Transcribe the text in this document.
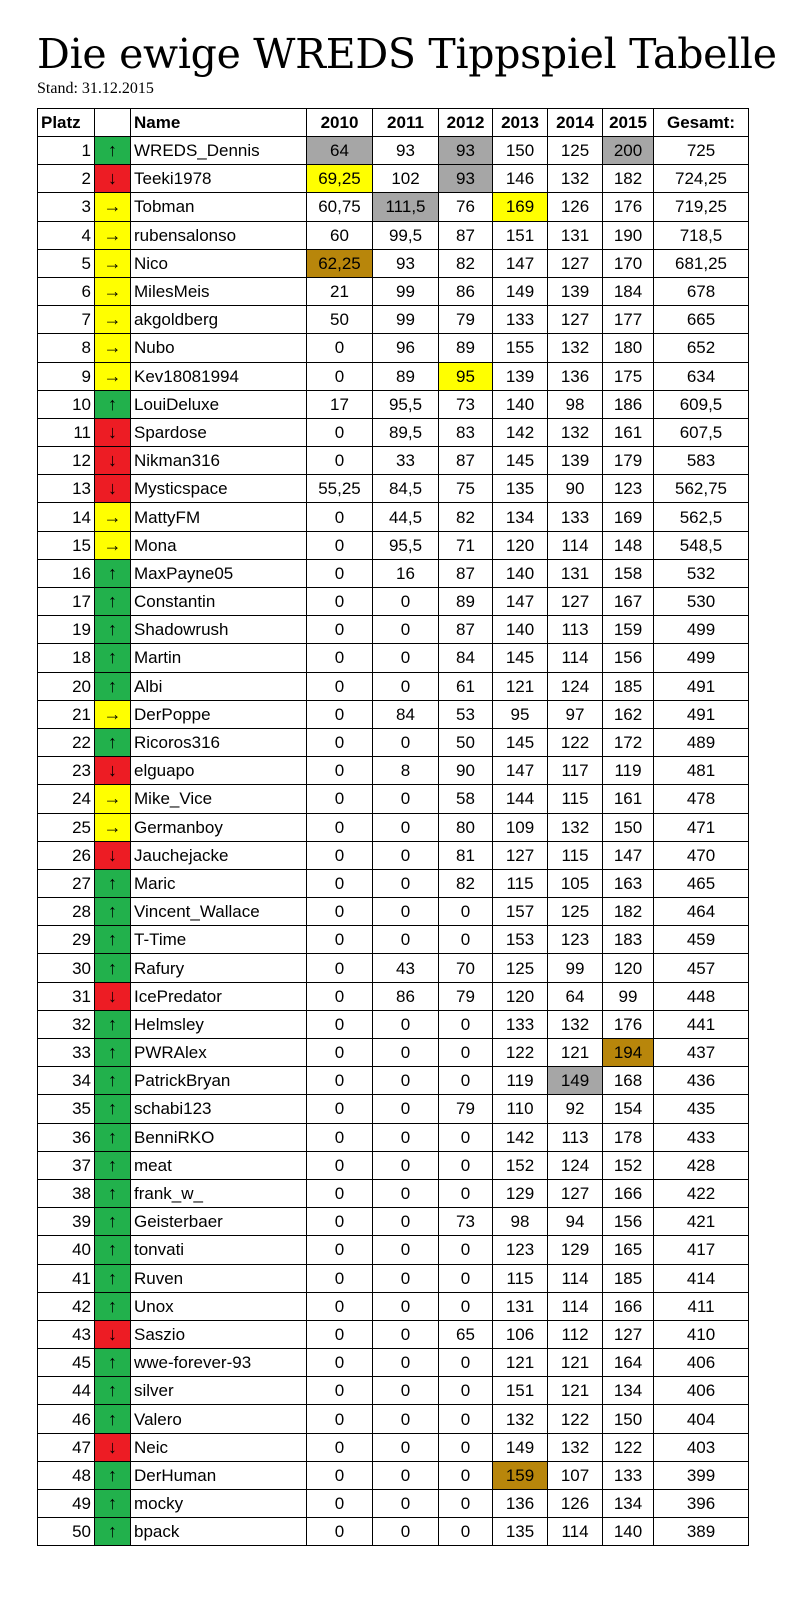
Die ewige WREDS Tippspiel Tabelle
Stand: 31.12.2015
Platz		Name	2010	2011	2012	2013	2014	2015	Gesamt:
1	↑	WREDS_Dennis	64	93	93	150	125	200	725
2	↓	Teeki1978	69,25	102	93	146	132	182	724,25
3	→	Tobman	60,75	111,5	76	169	126	176	719,25
4	→	rubensalonso	60	99,5	87	151	131	190	718,5
5	→	Nico	62,25	93	82	147	127	170	681,25
6	→	MilesMeis	21	99	86	149	139	184	678
7	→	akgoldberg	50	99	79	133	127	177	665
8	→	Nubo	0	96	89	155	132	180	652
9	→	Kev18081994	0	89	95	139	136	175	634
10	↑	LouiDeluxe	17	95,5	73	140	98	186	609,5
11	↓	Spardose	0	89,5	83	142	132	161	607,5
12	↓	Nikman316	0	33	87	145	139	179	583
13	↓	Mysticspace	55,25	84,5	75	135	90	123	562,75
14	→	MattyFM	0	44,5	82	134	133	169	562,5
15	→	Mona	0	95,5	71	120	114	148	548,5
16	↑	MaxPayne05	0	16	87	140	131	158	532
17	↑	Constantin	0	0	89	147	127	167	530
19	↑	Shadowrush	0	0	87	140	113	159	499
18	↑	Martin	0	0	84	145	114	156	499
20	↑	Albi	0	0	61	121	124	185	491
21	→	DerPoppe	0	84	53	95	97	162	491
22	↑	Ricoros316	0	0	50	145	122	172	489
23	↓	elguapo	0	8	90	147	117	119	481
24	→	Mike_Vice	0	0	58	144	115	161	478
25	→	Germanboy	0	0	80	109	132	150	471
26	↓	Jauchejacke	0	0	81	127	115	147	470
27	↑	Maric	0	0	82	115	105	163	465
28	↑	Vincent_Wallace	0	0	0	157	125	182	464
29	↑	T-Time	0	0	0	153	123	183	459
30	↑	Rafury	0	43	70	125	99	120	457
31	↓	IcePredator	0	86	79	120	64	99	448
32	↑	Helmsley	0	0	0	133	132	176	441
33	↑	PWRAlex	0	0	0	122	121	194	437
34	↑	PatrickBryan	0	0	0	119	149	168	436
35	↑	schabi123	0	0	79	110	92	154	435
36	↑	BenniRKO	0	0	0	142	113	178	433
37	↑	meat	0	0	0	152	124	152	428
38	↑	frank_w_	0	0	0	129	127	166	422
39	↑	Geisterbaer	0	0	73	98	94	156	421
40	↑	tonvati	0	0	0	123	129	165	417
41	↑	Ruven	0	0	0	115	114	185	414
42	↑	Unox	0	0	0	131	114	166	411
43	↓	Saszio	0	0	65	106	112	127	410
45	↑	wwe-forever-93	0	0	0	121	121	164	406
44	↑	silver	0	0	0	151	121	134	406
46	↑	Valero	0	0	0	132	122	150	404
47	↓	Neic	0	0	0	149	132	122	403
48	↑	DerHuman	0	0	0	159	107	133	399
49	↑	mocky	0	0	0	136	126	134	396
50	↑	bpack	0	0	0	135	114	140	389
